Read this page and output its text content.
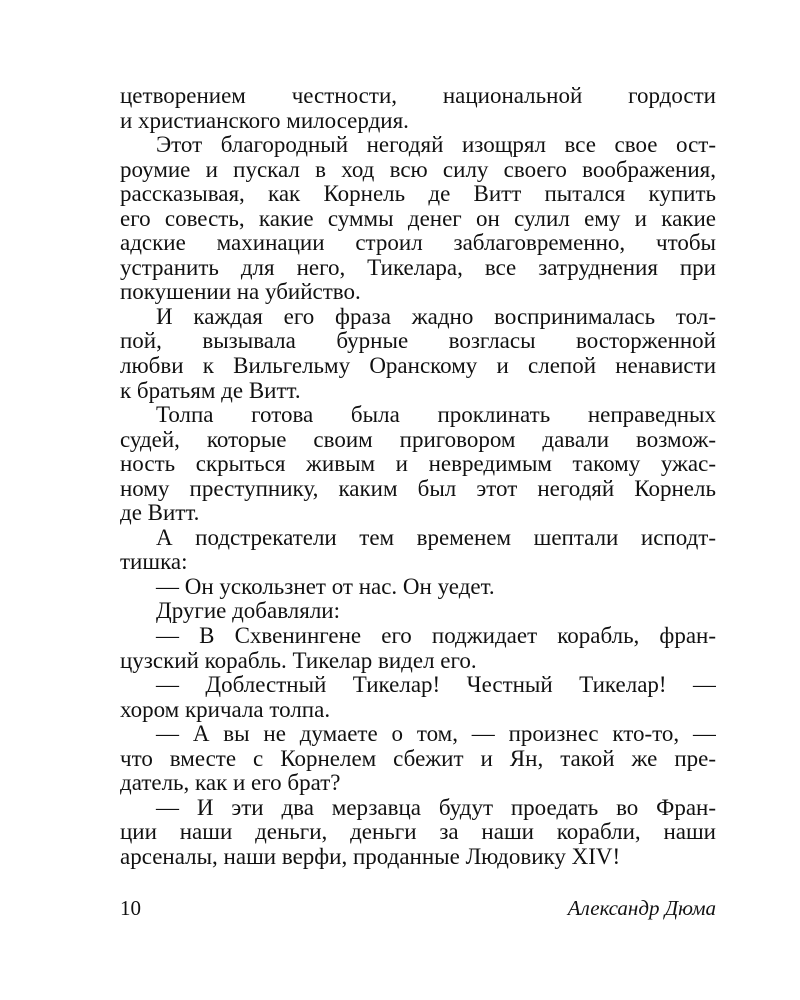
цетворением честности, национальной гордости
и христианского милосердия.
Этот благородный негодяй изощрял все свое ост-
роумие и пускал в ход всю силу своего воображения,
рассказывая, как Корнель де Витт пытался купить
его совесть, какие суммы денег он сулил ему и какие
адские махинации строил заблаговременно, чтобы
устранить для него, Тикелара, все затруднения при
покушении на убийство.
И каждая его фраза жадно воспринималась тол-
пой, вызывала бурные возгласы восторженной
любви к Вильгельму Оранскому и слепой ненависти
к братьям де Витт.
Толпа готова была проклинать неправедных
судей, которые своим приговором давали возмож-
ность скрыться живым и невредимым такому ужас-
ному преступнику, каким был этот негодяй Корнель
де Витт.
А подстрекатели тем временем шептали исподт-
тишка:
— Он ускользнет от нас. Он уедет.
Другие добавляли:
— В Схвенингене его поджидает корабль, фран-
цузский корабль. Тикелар видел его.
— Доблестный Тикелар! Честный Тикелар! —
хором кричала толпа.
— А вы не думаете о том, — произнес кто-то, —
что вместе с Корнелем сбежит и Ян, такой же пре-
датель, как и его брат?
— И эти два мерзавца будут проедать во Фран-
ции наши деньги, деньги за наши корабли, наши
арсеналы, наши верфи, проданные Людовику XIV!
10	Александр Дюма
